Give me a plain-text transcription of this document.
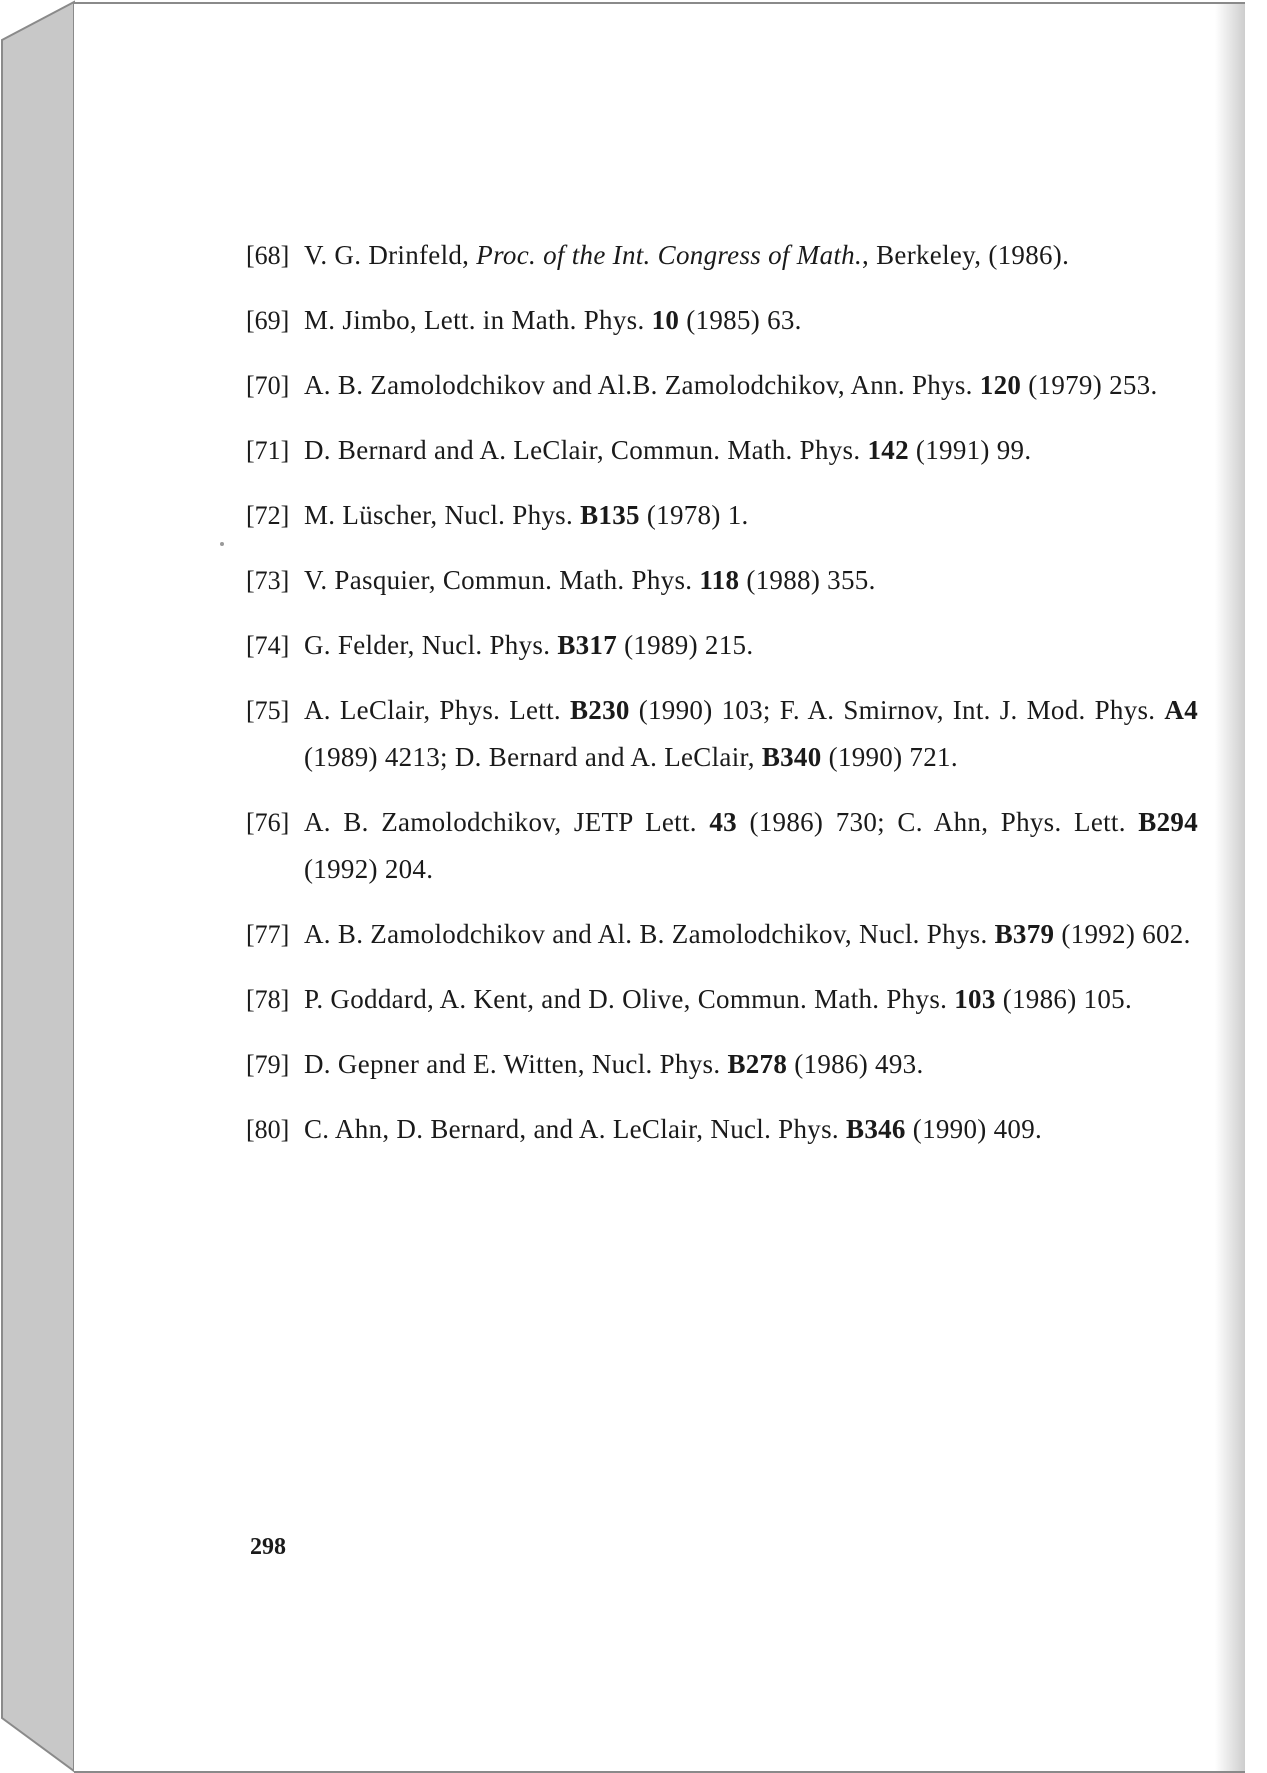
[68] V. G. Drinfeld, Proc. of the Int. Congress of Math., Berkeley, (1986).
[69] M. Jimbo, Lett. in Math. Phys. 10 (1985) 63.
[70] A. B. Zamolodchikov and Al.B. Zamolodchikov, Ann. Phys. 120 (1979) 253.
[71] D. Bernard and A. LeClair, Commun. Math. Phys. 142 (1991) 99.
[72] M. Lüscher, Nucl. Phys. B135 (1978) 1.
[73] V. Pasquier, Commun. Math. Phys. 118 (1988) 355.
[74] G. Felder, Nucl. Phys. B317 (1989) 215.
[75] A. LeClair, Phys. Lett. B230 (1990) 103; F. A. Smirnov, Int. J. Mod. Phys. A4 (1989) 4213; D. Bernard and A. LeClair, B340 (1990) 721.
[76] A. B. Zamolodchikov, JETP Lett. 43 (1986) 730; C. Ahn, Phys. Lett. B294 (1992) 204.
[77] A. B. Zamolodchikov and Al. B. Zamolodchikov, Nucl. Phys. B379 (1992) 602.
[78] P. Goddard, A. Kent, and D. Olive, Commun. Math. Phys. 103 (1986) 105.
[79] D. Gepner and E. Witten, Nucl. Phys. B278 (1986) 493.
[80] C. Ahn, D. Bernard, and A. LeClair, Nucl. Phys. B346 (1990) 409.
298
